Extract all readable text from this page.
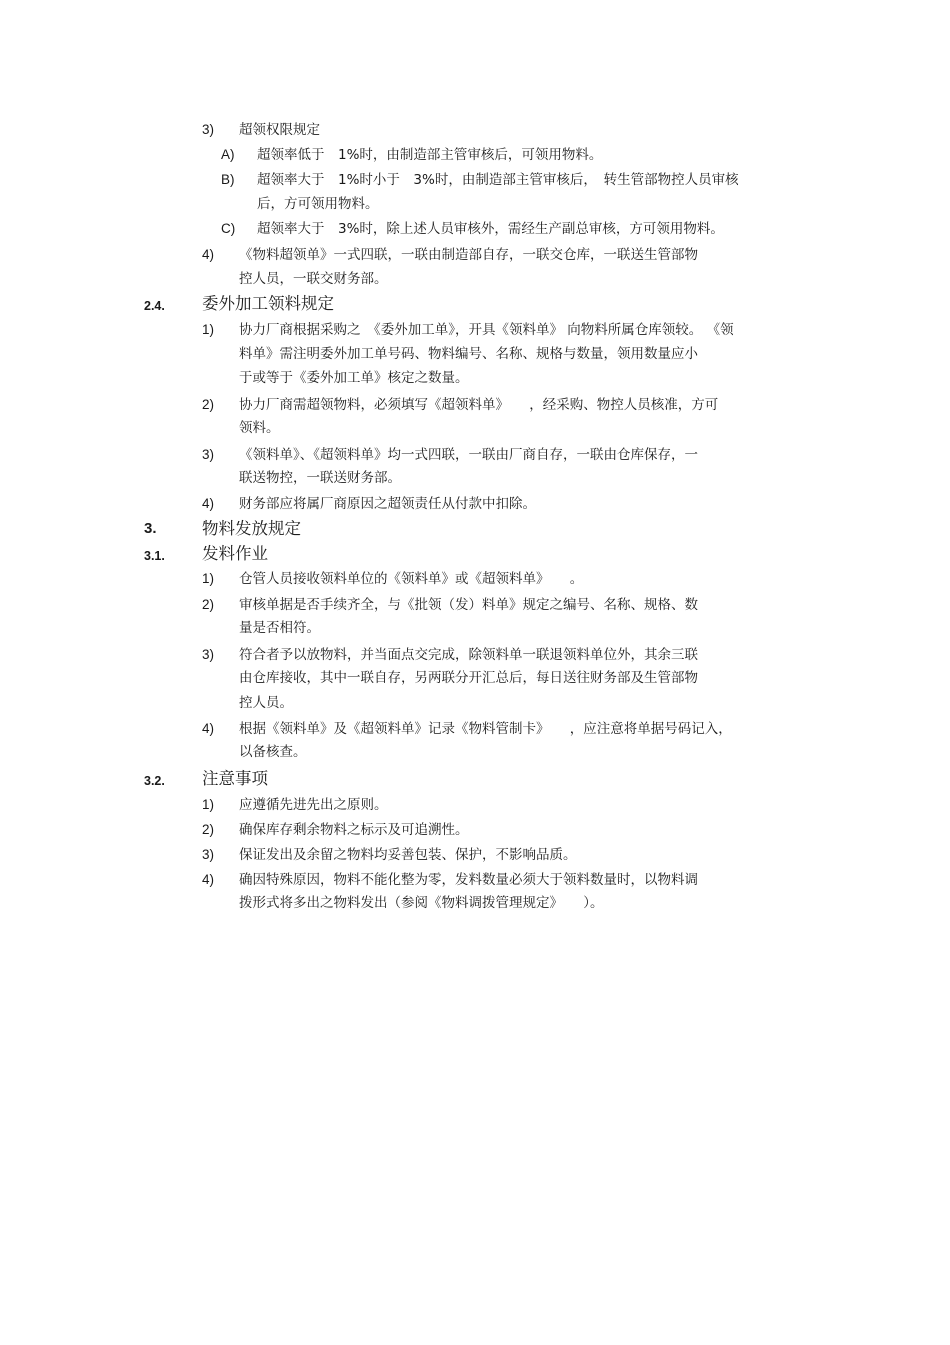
3) 超领权限规定
A) 超领率低于　1%时，由制造部主管审核后，可领用物料。
B) 超领率大于　1%时小于　3%时，由制造部主管审核后，　转生管部物控人员审核
后，方可领用物料。
C) 超领率大于　3%时，除上述人员审核外，需经生产副总审核，方可领用物料。
4) 《物料超领单》一式四联，一联由制造部自存，一联交仓库，一联送生管部物
控人员，一联交财务部。
2.4. 委外加工领料规定
1) 协力厂商根据采购之　《委外加工单》，开具《领料单》 向物料所属仓库领较。 《领
料单》需注明委外加工单号码、物料编号、名称、规格与数量，领用数量应小
于或等于《委外加工单》核定之数量。
2) 协力厂商需超领物料，必须填写《超领料单》　　，经采购、物控人员核准，方可
领料。
3) 《领料单》、《超领料单》均一式四联，一联由厂商自存，一联由仓库保存，一
联送物控，一联送财务部。
4) 财务部应将属厂商原因之超领责任从付款中扣除。
3.	物料发放规定
3.1. 发料作业
1) 仓管人员接收领料单位的《领料单》或《超领料单》　　。
2) 审核单据是否手续齐全，与《批领（发）料单》规定之编号、名称、规格、数
量是否相符。
3) 符合者予以放物料，并当面点交完成，除领料单一联退领料单位外，其余三联
由仓库接收，其中一联自存，另两联分开汇总后，每日送往财务部及生管部物
控人员。
4) 根据《领料单》及《超领料单》记录《物料管制卡》　　，应注意将单据号码记入，
以备核查。
3.2. 注意事项
1) 应遵循先进先出之原则。
2) 确保库存剩余物料之标示及可追溯性。
3) 保证发出及余留之物料均妥善包装、保护，不影响品质。
4) 确因特殊原因，物料不能化整为零，发料数量必须大于领料数量时，以物料调
拨形式将多出之物料发出（参阅《物料调拨管理规定》　　）。
